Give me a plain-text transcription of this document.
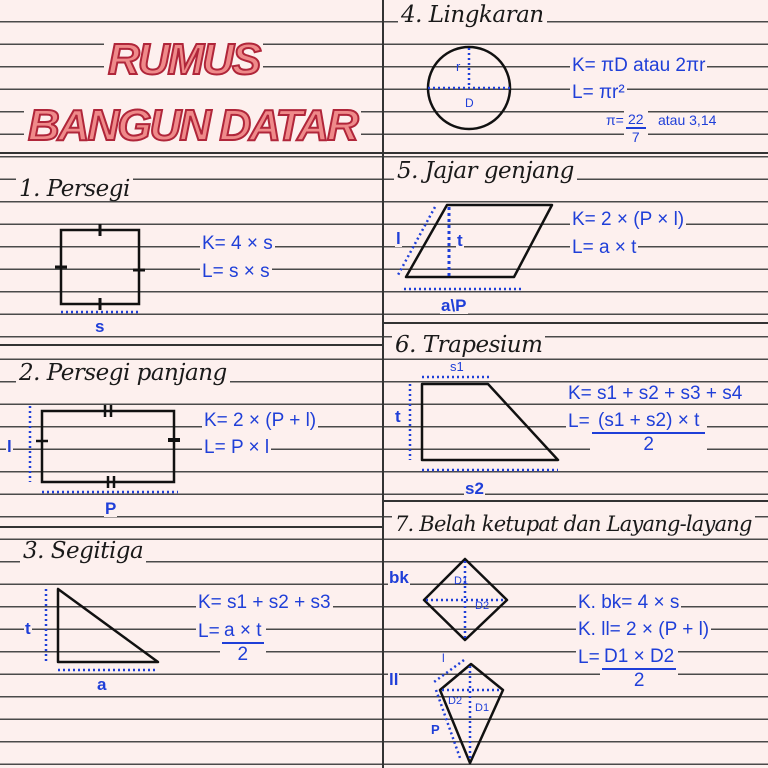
RUMUS
BANGUN DATAR
1. Persegi
s
K= 4 × s
L= s × s
2. Persegi panjang
l
P
K= 2 × (P + l)
L= P × l
3. Segitiga
t
a
K= s1 + s2 + s3
$L= \frac{a \times t}{2}$
4. Lingkaran
r
D
K= πD atau 2πr
L= πr²
$\pi= \frac{22}{7}$ atau 3,14
5. Jajar genjang
l	t
a\P
K= 2 × (P × l)
L= a × t
6. Trapesium
s1
t
s2
K= s1 + s2 + s3 + s4
$L= \frac{(s1 + s2) \times t}{2}$
7. Belah ketupat dan Layang-layang
bk
ll
D1
D2
D2
D1
l
P
K. bk= 4 × s
K. ll= 2 × (P + l)
$L= \frac{D1 \times D2}{2}$
